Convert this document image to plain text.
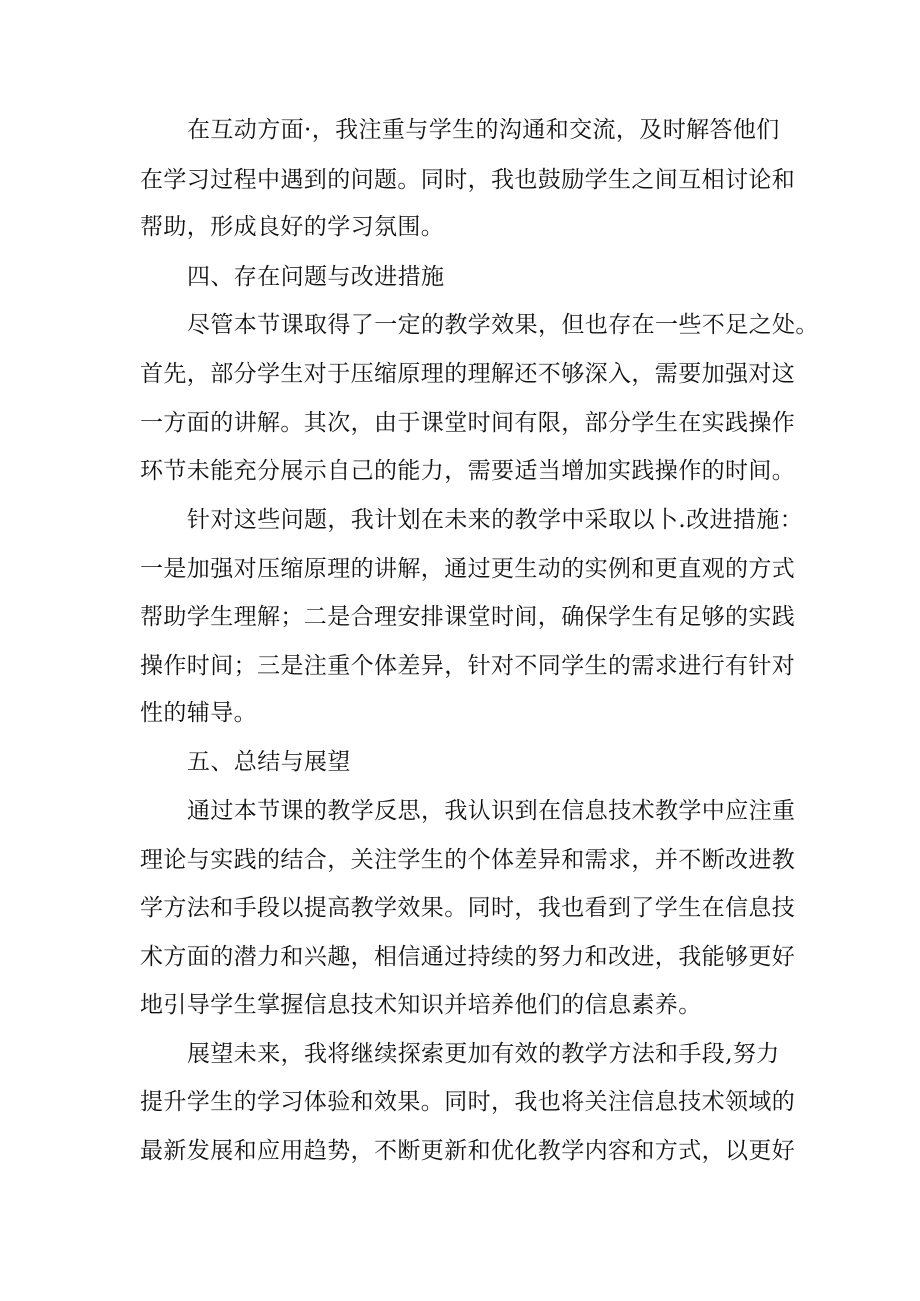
在互动方面·，我注重与学生的沟通和交流，及时解答他们
在学习过程中遇到的问题。同时，我也鼓励学生之间互相讨论和
帮助，形成良好的学习氛围。
四、存在问题与改进措施
尽管本节课取得了一定的教学效果，但也存在一些不足之处。
首先，部分学生对于压缩原理的理解还不够深入，需要加强对这
一方面的讲解。其次，由于课堂时间有限，部分学生在实践操作
环节未能充分展示自己的能力，需要适当增加实践操作的时间。
针对这些问题，我计划在未来的教学中采取以卜.改进措施：
一是加强对压缩原理的讲解，通过更生动的实例和更直观的方式
帮助学生理解；二是合理安排课堂时间，确保学生有足够的实践
操作时间；三是注重个体差异，针对不同学生的需求进行有针对
性的辅导。
五、总结与展望
通过本节课的教学反思，我认识到在信息技术教学中应注重
理论与实践的结合，关注学生的个体差异和需求，并不断改进教
学方法和手段以提高教学效果。同时，我也看到了学生在信息技
术方面的潜力和兴趣，相信通过持续的努力和改进，我能够更好
地引导学生掌握信息技术知识并培养他们的信息素养。
展望未来，我将继续探索更加有效的教学方法和手段,努力
提升学生的学习体验和效果。同时，我也将关注信息技术领域的
最新发展和应用趋势，不断更新和优化教学内容和方式，以更好
